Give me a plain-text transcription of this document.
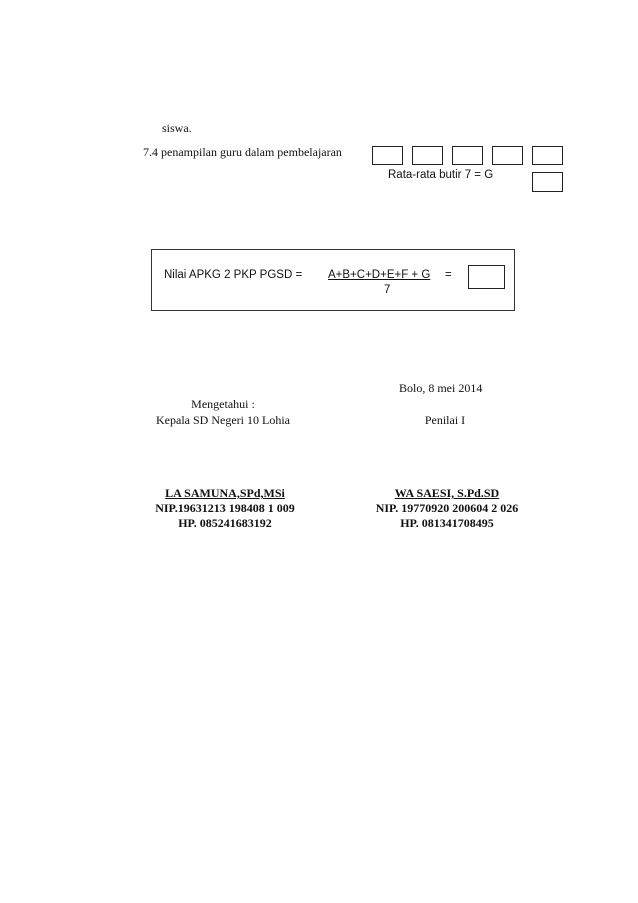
siswa.
7.4 penampilan guru dalam pembelajaran
Rata-rata butir 7 = G
Nilai APKG 2 PKP PGSD = A+B+C+D+E+F + G =
7
Bolo, 8 mei 2014
Mengetahui :
Kepala SD Negeri 10 Lohia	Penilai I
LA SAMUNA,SPd,MSi
NIP.19631213 198408 1 009
HP. 085241683192
WA SAESI, S.Pd.SD
NIP. 19770920 200604 2 026
HP. 081341708495
